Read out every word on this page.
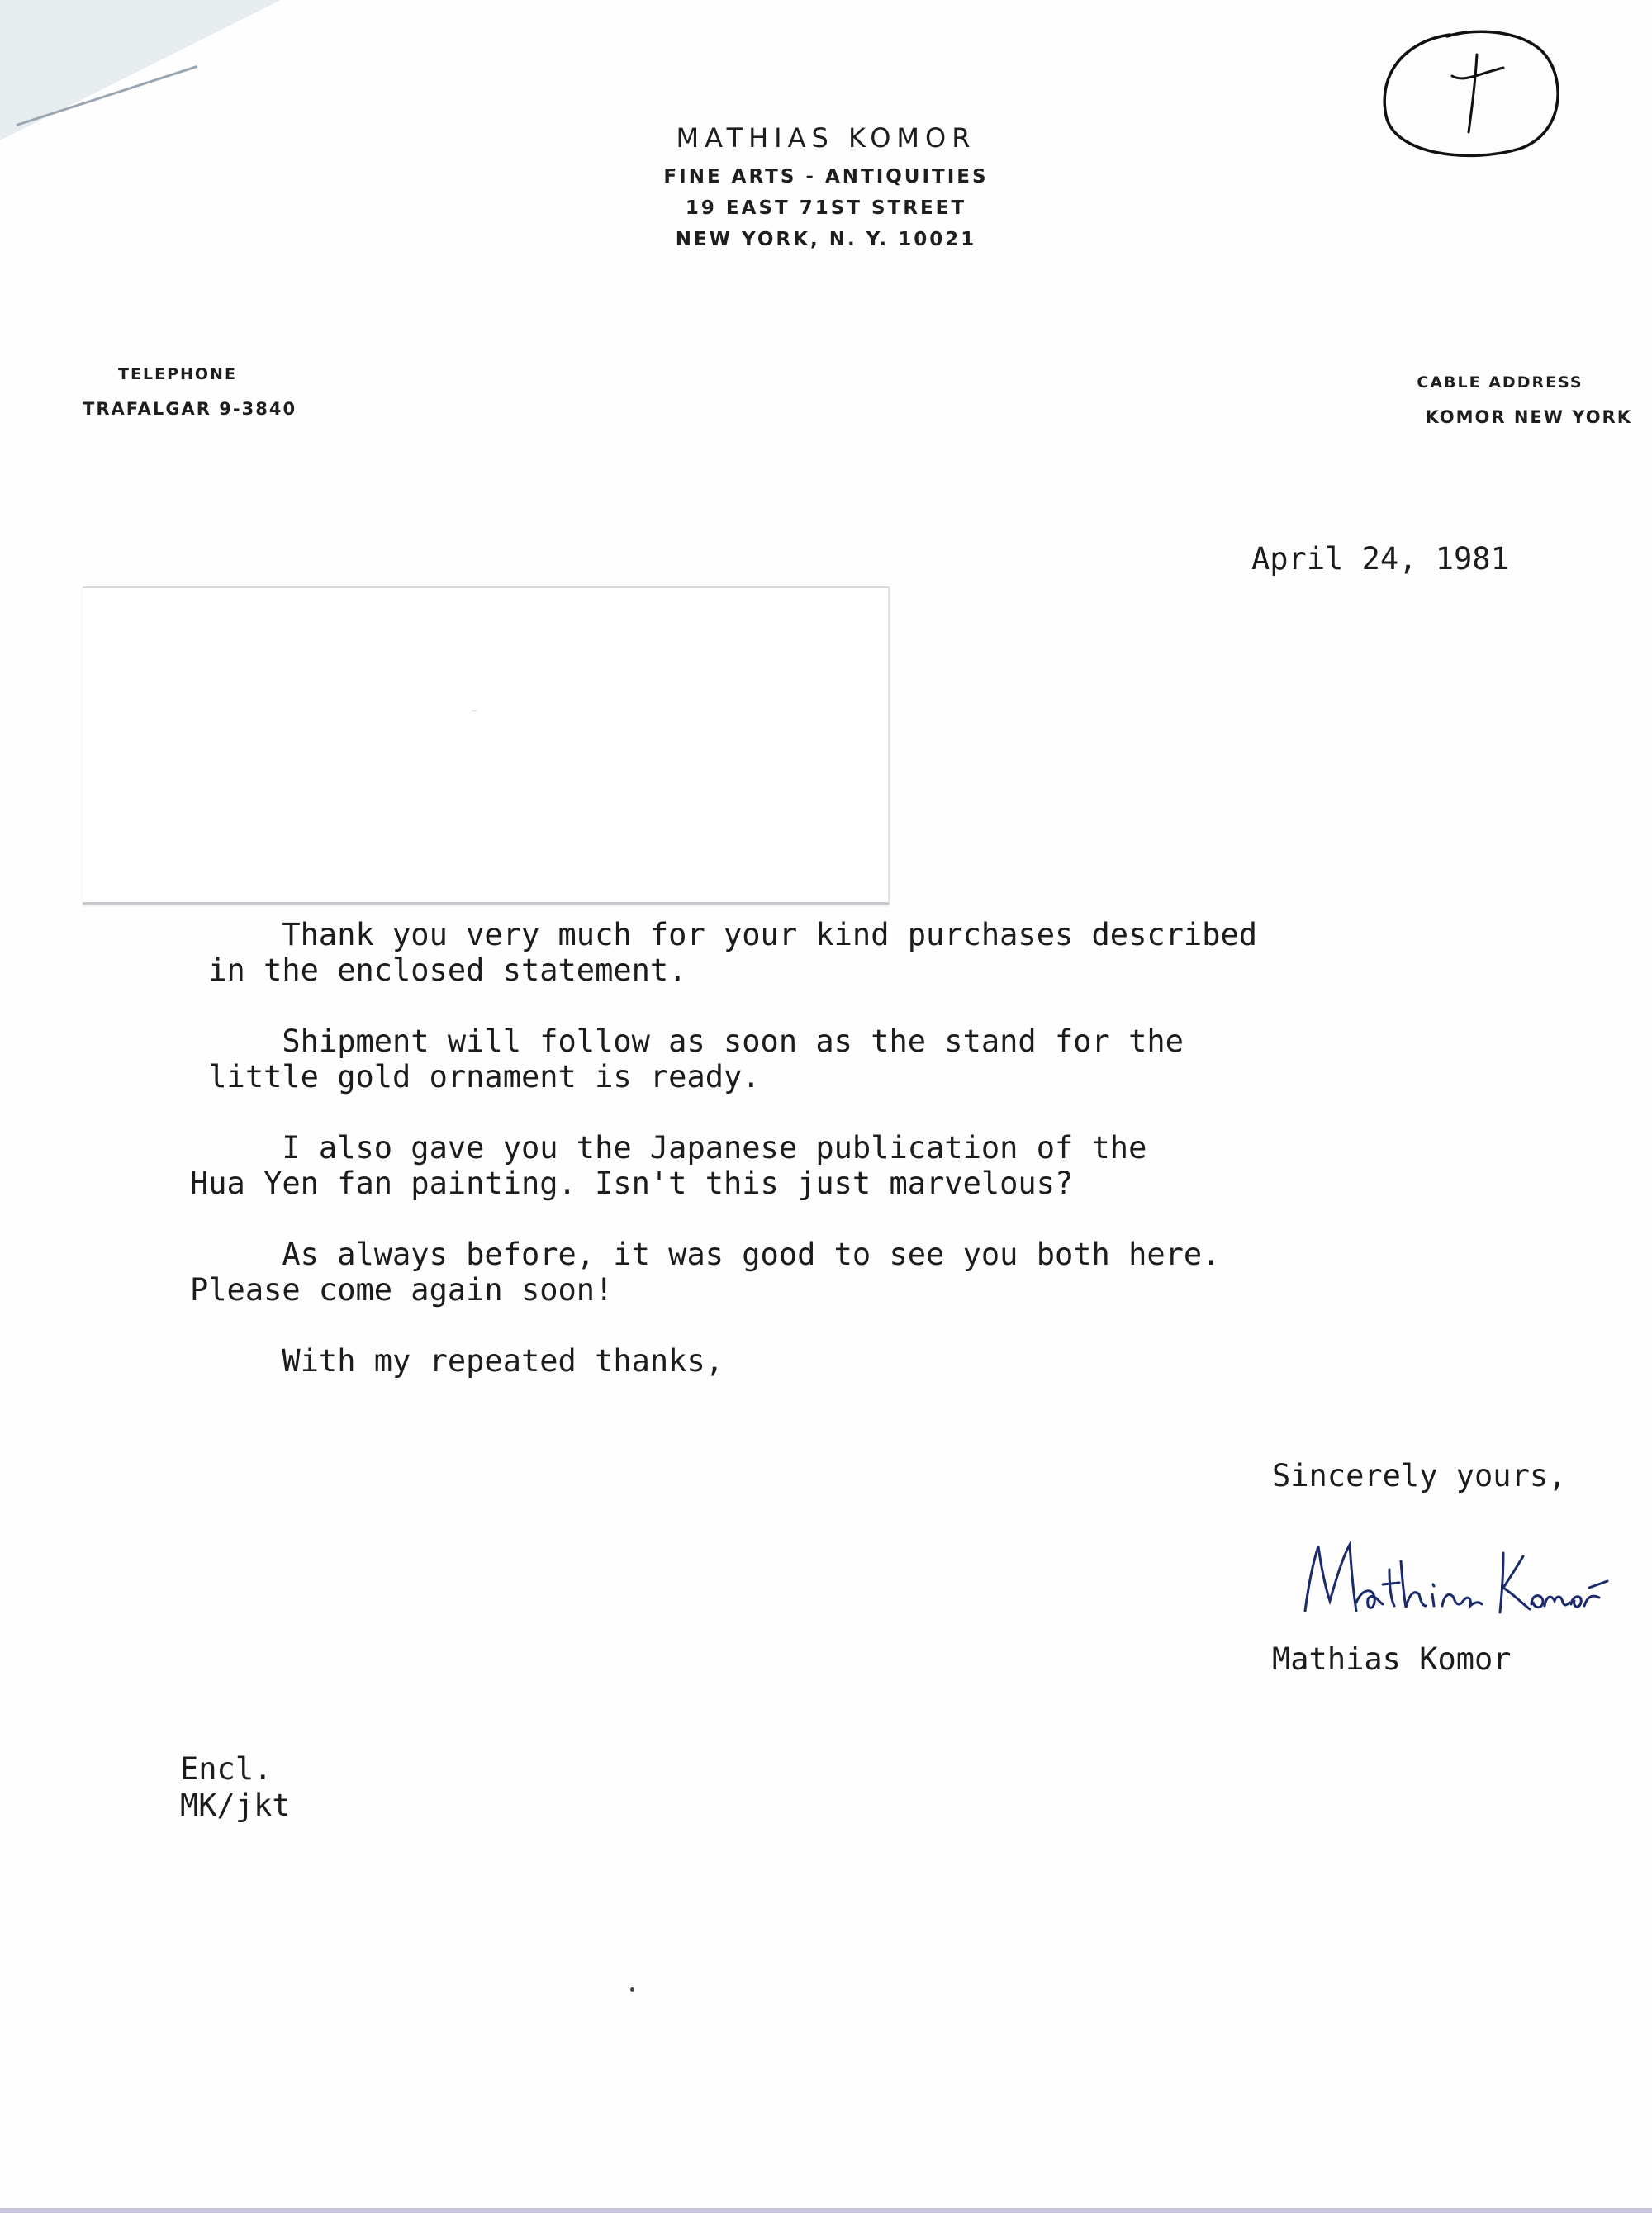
MATHIAS KOMOR
FINE ARTS - ANTIQUITIES
19 EAST 71ST STREET
NEW YORK, N. Y. 10021
TELEPHONE
TRAFALGAR 9-3840
CABLE ADDRESS
KOMOR NEW YORK
April 24, 1981
Thank you very much for your kind purchases described
in the enclosed statement.
Shipment will follow as soon as the stand for the
little gold ornament is ready.
I also gave you the Japanese publication of the
Hua Yen fan painting. Isn't this just marvelous?
As always before, it was good to see you both here.
Please come again soon!
With my repeated thanks,
Sincerely yours,
Mathias Komor
Mathias Komor
Encl.
MK/jkt
